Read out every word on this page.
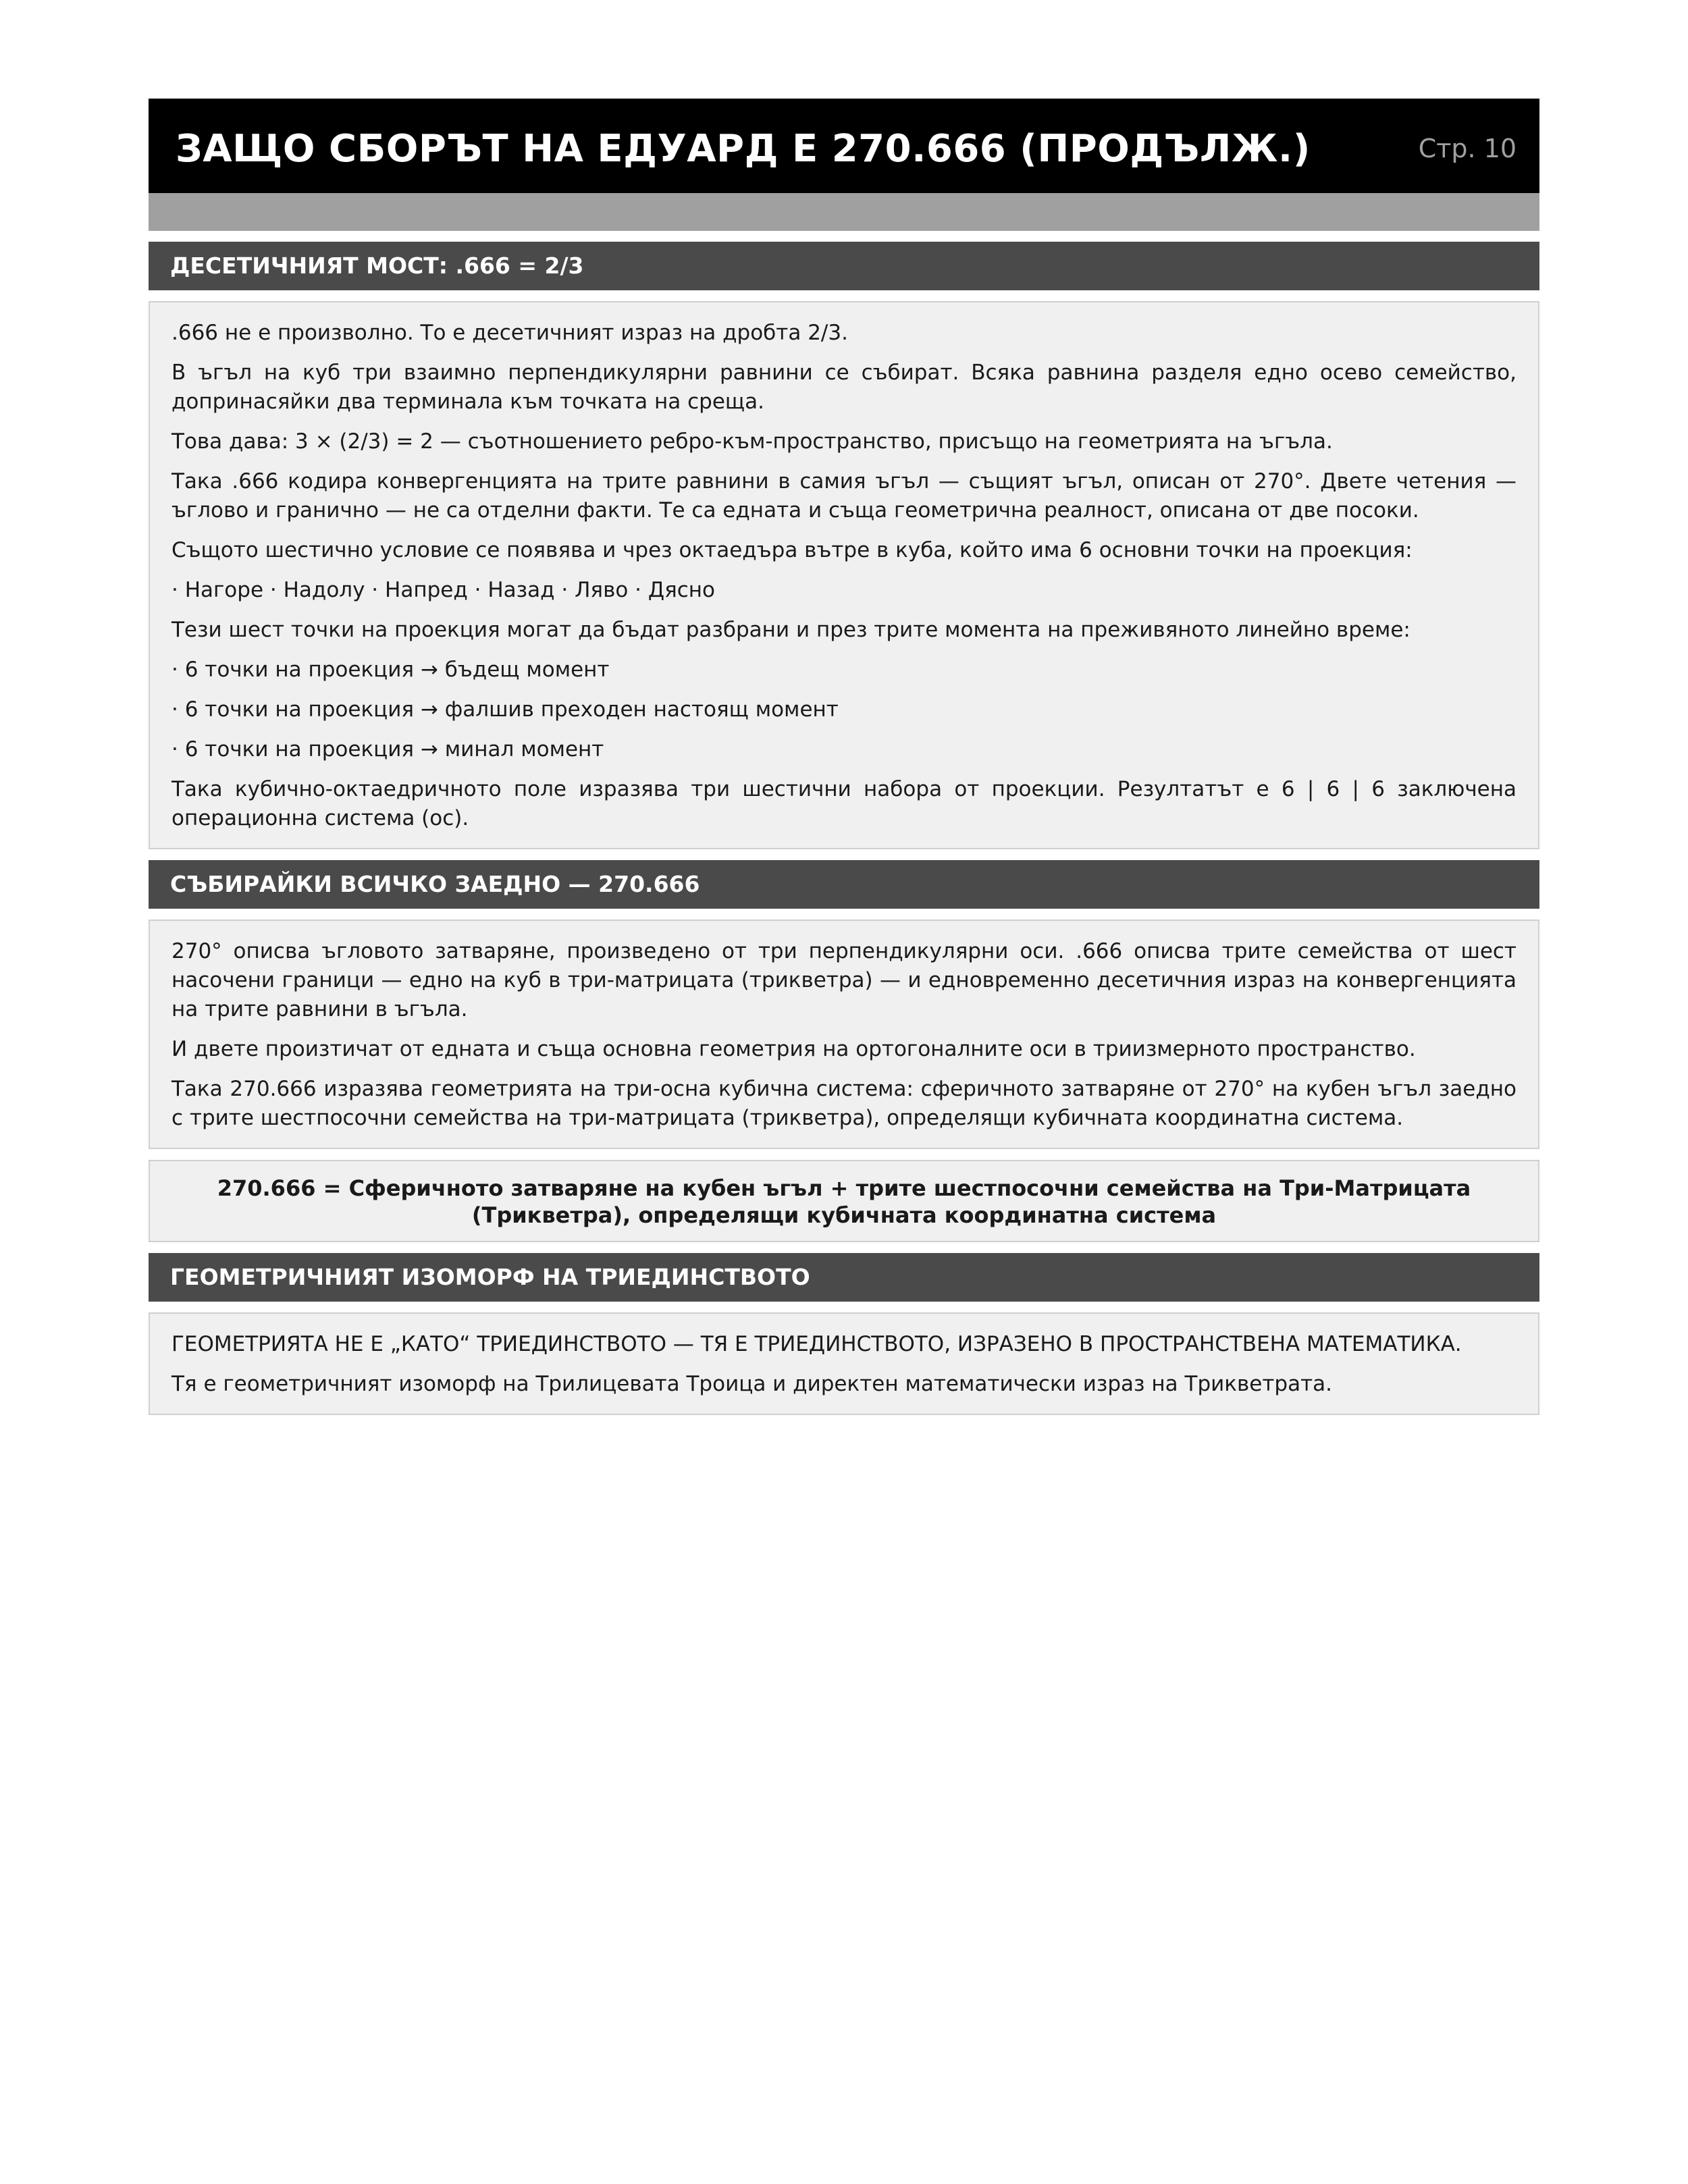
ЗАЩО СБОРЪТ НА ЕДУАРД Е 270.666 (ПРОДЪЛЖ.)	Стр. 10
ДЕСЕТИЧНИЯТ МОСТ: .666 = 2/3

.666 не е произволно. То е десетичният израз на дробта 2/3.

В ъгъл на куб три взаимно перпендикулярни равнини се събират. Всяка равнина разделя едно осево семейство, допринасяйки два терминала към точката на среща.

Това дава: 3 × (2/3) = 2 — съотношението ребро-към-пространство, присъщо на геометрията на ъгъла.

Така .666 кодира конвергенцията на трите равнини в самия ъгъл — същият ъгъл, описан от 270°. Двете четения — ъглово и гранично — не са отделни факти. Те са едната и съща геометрична реалност, описана от две посоки.

Същото шестично условие се появява и чрез октаедъра вътре в куба, който има 6 основни точки на проекция:

· Нагоре · Надолу · Напред · Назад · Ляво · Дясно

Тези шест точки на проекция могат да бъдат разбрани и през трите момента на преживяното линейно време:

· 6 точки на проекция → бъдещ момент

· 6 точки на проекция → фалшив преходен настоящ момент

· 6 точки на проекция → минал момент

Така кубично-октаедричното поле изразява три шестични набора от проекции. Резултатът е 6 | 6 | 6 заключена операционна система (ос).

СЪБИРАЙКИ ВСИЧКО ЗАЕДНО — 270.666

270° описва ъгловото затваряне, произведено от три перпендикулярни оси. .666 описва трите семейства от шест насочени граници — едно на куб в три-матрицата (трикветра) — и едновременно десетичния израз на конвергенцията на трите равнини в ъгъла.

И двете произтичат от едната и съща основна геометрия на ортогоналните оси в триизмерното пространство.

Така 270.666 изразява геометрията на три-осна кубична система: сферичното затваряне от 270° на кубен ъгъл заедно с трите шестпосочни семейства на три-матрицата (трикветра), определящи кубичната координатна система.

270.666 = Сферичното затваряне на кубен ъгъл + трите шестпосочни семейства на Три-Матрицата (Трикветра), определящи кубичната координатна система
ГЕОМЕТРИЧНИЯТ ИЗОМОРФ НА ТРИЕДИНСТВОТО

ГЕОМЕТРИЯТА НЕ Е „КАТО“ ТРИЕДИНСТВОТО — ТЯ Е ТРИЕДИНСТВОТО, ИЗРАЗЕНО В ПРОСТРАНСТВЕНА МАТЕМАТИКА.

Тя е геометричният изоморф на Трилицевата Троица и директен математически израз на Трикветрата.
